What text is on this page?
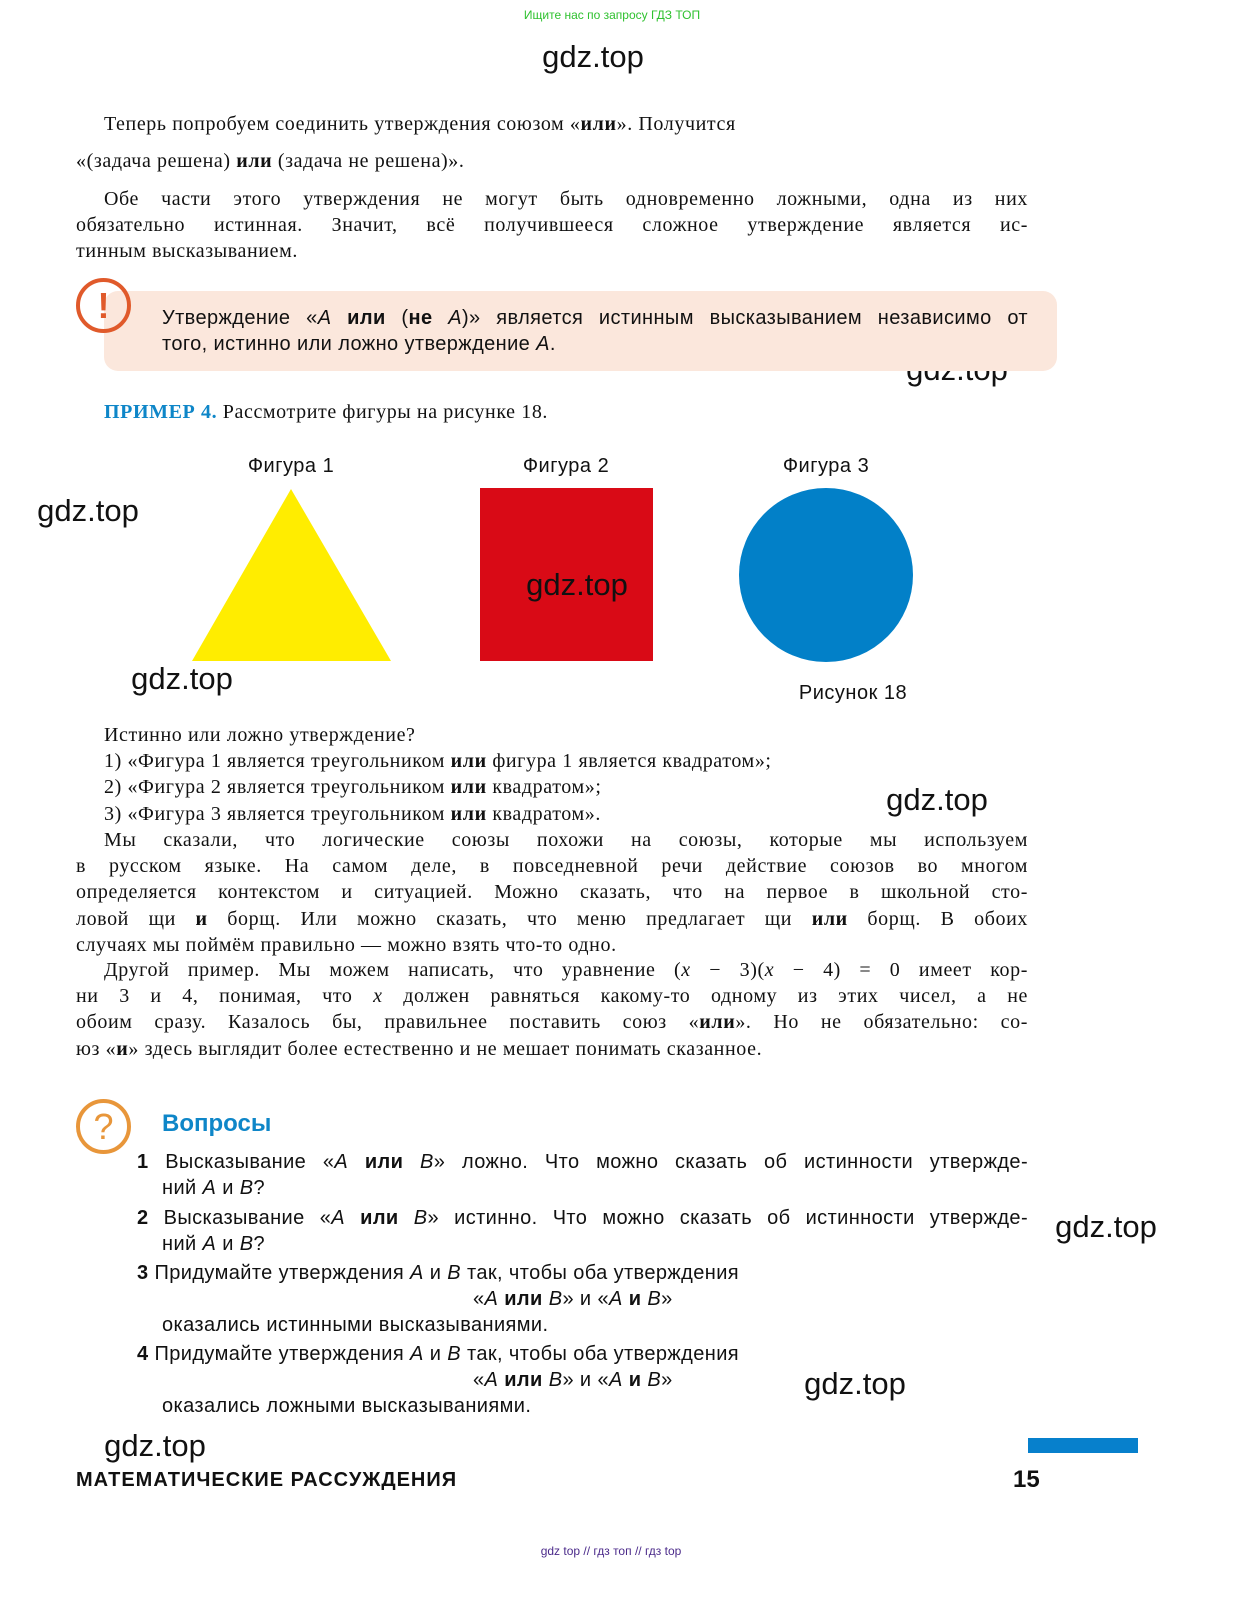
Ищите нас по запросу ГДЗ ТОП
gdz.top
gdz.top
gdz.top
gdz.top
gdz.top
gdz.top
gdz.top
Теперь попробуем соединить утверждения союзом «или». Получится
«(задача решена) или (задача не решена)».
Обе части этого утверждения не могут быть одновременно ложными, одна из них
обязательно истинная. Значит, всё получившееся сложное утверждение является ис-
тинным высказыванием.
!	Утверждение «A или (не A)» является истинным высказыванием независимо от
того, истинно или ложно утверждение A.
ПРИМЕР 4. Рассмотрите фигуры на рисунке 18.
Фигура 1	Фигура 2	Фигура 3
gdz.top
Рисунок 18
Истинно или ложно утверждение?
1) «Фигура 1 является треугольником или фигура 1 является квадратом»;
2) «Фигура 2 является треугольником или квадратом»;
3) «Фигура 3 является треугольником или квадратом».
Мы сказали, что логические союзы похожи на союзы, которые мы используем
в русском языке. На самом деле, в повседневной речи действие союзов во многом
определяется контекстом и ситуацией. Можно сказать, что на первое в школьной сто-
ловой щи и борщ. Или можно сказать, что меню предлагает щи или борщ. В обоих
случаях мы поймём правильно — можно взять что-то одно.
Другой пример. Мы можем написать, что уравнение (x − 3)(x − 4) = 0 имеет кор-
ни 3 и 4, понимая, что x должен равняться какому-то одному из этих чисел, а не
обоим сразу. Казалось бы, правильнее поставить союз «или». Но не обязательно: со-
юз «и» здесь выглядит более естественно и не мешает понимать сказанное.
?	Вопросы
1 Высказывание «A или B» ложно. Что можно сказать об истинности утвержде-
ний A и B?
2 Высказывание «A или B» истинно. Что можно сказать об истинности утвержде-
ний A и B?
3 Придумайте утверждения A и B так, чтобы оба утверждения
«A или B» и «A и B»
оказались истинными высказываниями.
4 Придумайте утверждения A и B так, чтобы оба утверждения
«A или B» и «A и B»
оказались ложными высказываниями.
МАТЕМАТИЧЕСКИЕ РАССУЖДЕНИЯ	15
gdz top // гдз топ // гдз top
